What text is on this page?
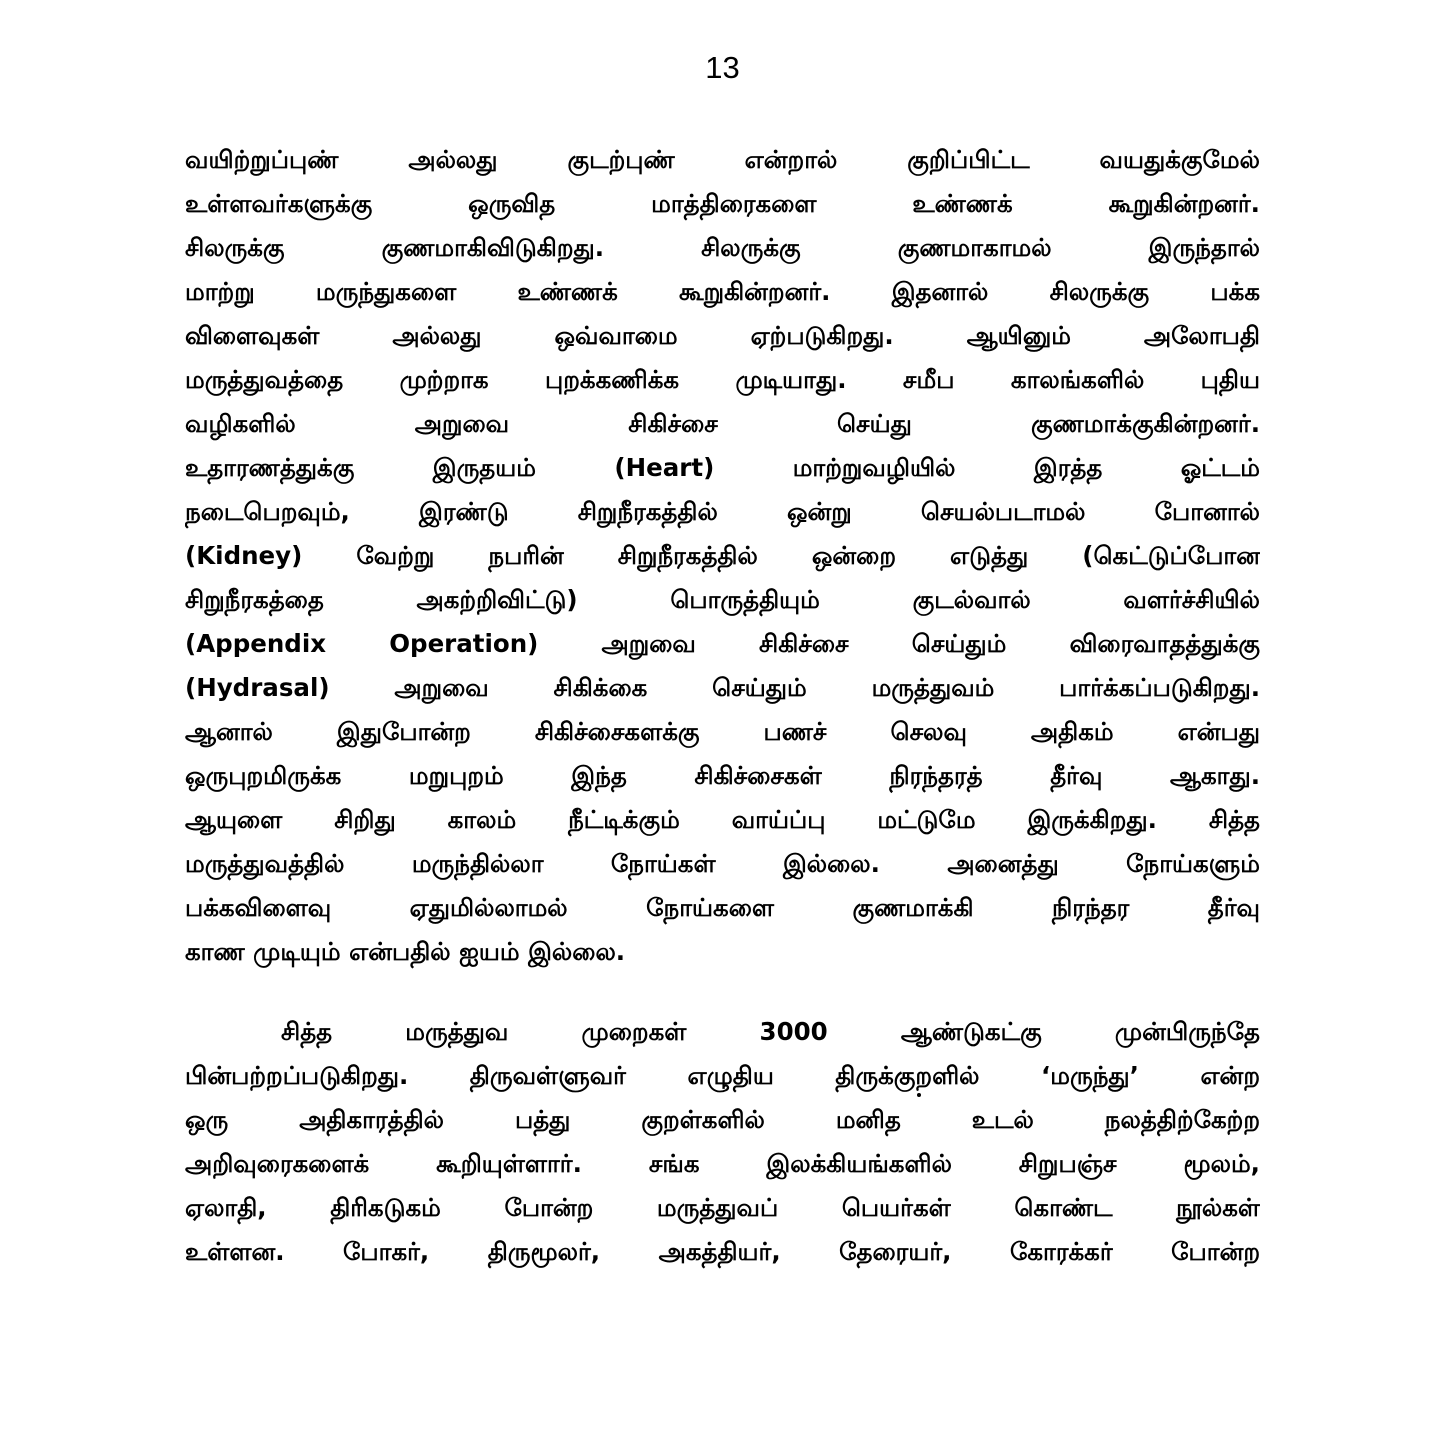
13
வயிற்றுப்புண் அல்லது குடற்புண் என்றால் குறிப்பிட்ட வயதுக்குமேல்
உள்ளவர்களுக்கு ஒருவித மாத்திரைகளை உண்ணக் கூறுகின்றனர்.
சிலருக்கு குணமாகிவிடுகிறது. சிலருக்கு குணமாகாமல் இருந்தால்
மாற்று மருந்துகளை உண்ணக் கூறுகின்றனர். இதனால் சிலருக்கு பக்க
விளைவுகள் அல்லது ஒவ்வாமை ஏற்படுகிறது. ஆயினும் அலோபதி
மருத்துவத்தை முற்றாக புறக்கணிக்க முடியாது. சமீப காலங்களில் புதிய
வழிகளில் அறுவை சிகிச்சை செய்து குணமாக்குகின்றனர்.
உதாரணத்துக்கு இருதயம் (Heart) மாற்றுவழியில் இரத்த ஓட்டம்
நடைபெறவும், இரண்டு சிறுநீரகத்தில் ஒன்று செயல்படாமல் போனால்
(Kidney) வேற்று நபரின் சிறுநீரகத்தில் ஒன்றை எடுத்து (கெட்டுப்போன
சிறுநீரகத்தை அகற்றிவிட்டு) பொருத்தியும் குடல்வால் வளர்ச்சியில்
(Appendix Operation) அறுவை சிகிச்சை செய்தும் விரைவாதத்துக்கு
(Hydrasal) அறுவை சிகிக்கை செய்தும் மருத்துவம் பார்க்கப்படுகிறது.
ஆனால் இதுபோன்ற சிகிச்சைகளக்கு பணச் செலவு அதிகம் என்பது
ஒருபுறமிருக்க மறுபுறம் இந்த சிகிச்சைகள் நிரந்தரத் தீர்வு ஆகாது.
ஆயுளை சிறிது காலம் நீட்டிக்கும் வாய்ப்பு மட்டுமே இருக்கிறது. சித்த
மருத்துவத்தில் மருந்தில்லா நோய்கள் இல்லை. அனைத்து நோய்களும்
பக்கவிளைவு ஏதுமில்லாமல் நோய்களை குணமாக்கி நிரந்தர தீர்வு
காண முடியும் என்பதில் ஐயம் இல்லை.
சித்த மருத்துவ முறைகள் 3000 ஆண்டுகட்கு முன்பிருந்தே
பின்பற்றப்படுகிறது. திருவள்ளுவர் எழுதிய திருக்குறளில் ‘மருந்து’ என்ற
ஒரு அதிகாரத்தில் பத்து குறள்களில் மனித உடல் நலத்திற்கேற்ற
அறிவுரைகளைக் கூறியுள்ளார். சங்க இலக்கியங்களில் சிறுபஞ்ச மூலம்,
ஏலாதி, திரிகடுகம் போன்ற மருத்துவப் பெயர்கள் கொண்ட நூல்கள்
உள்ளன. போகர், திருமூலர், அகத்தியர், தேரையர், கோரக்கர் போன்ற
